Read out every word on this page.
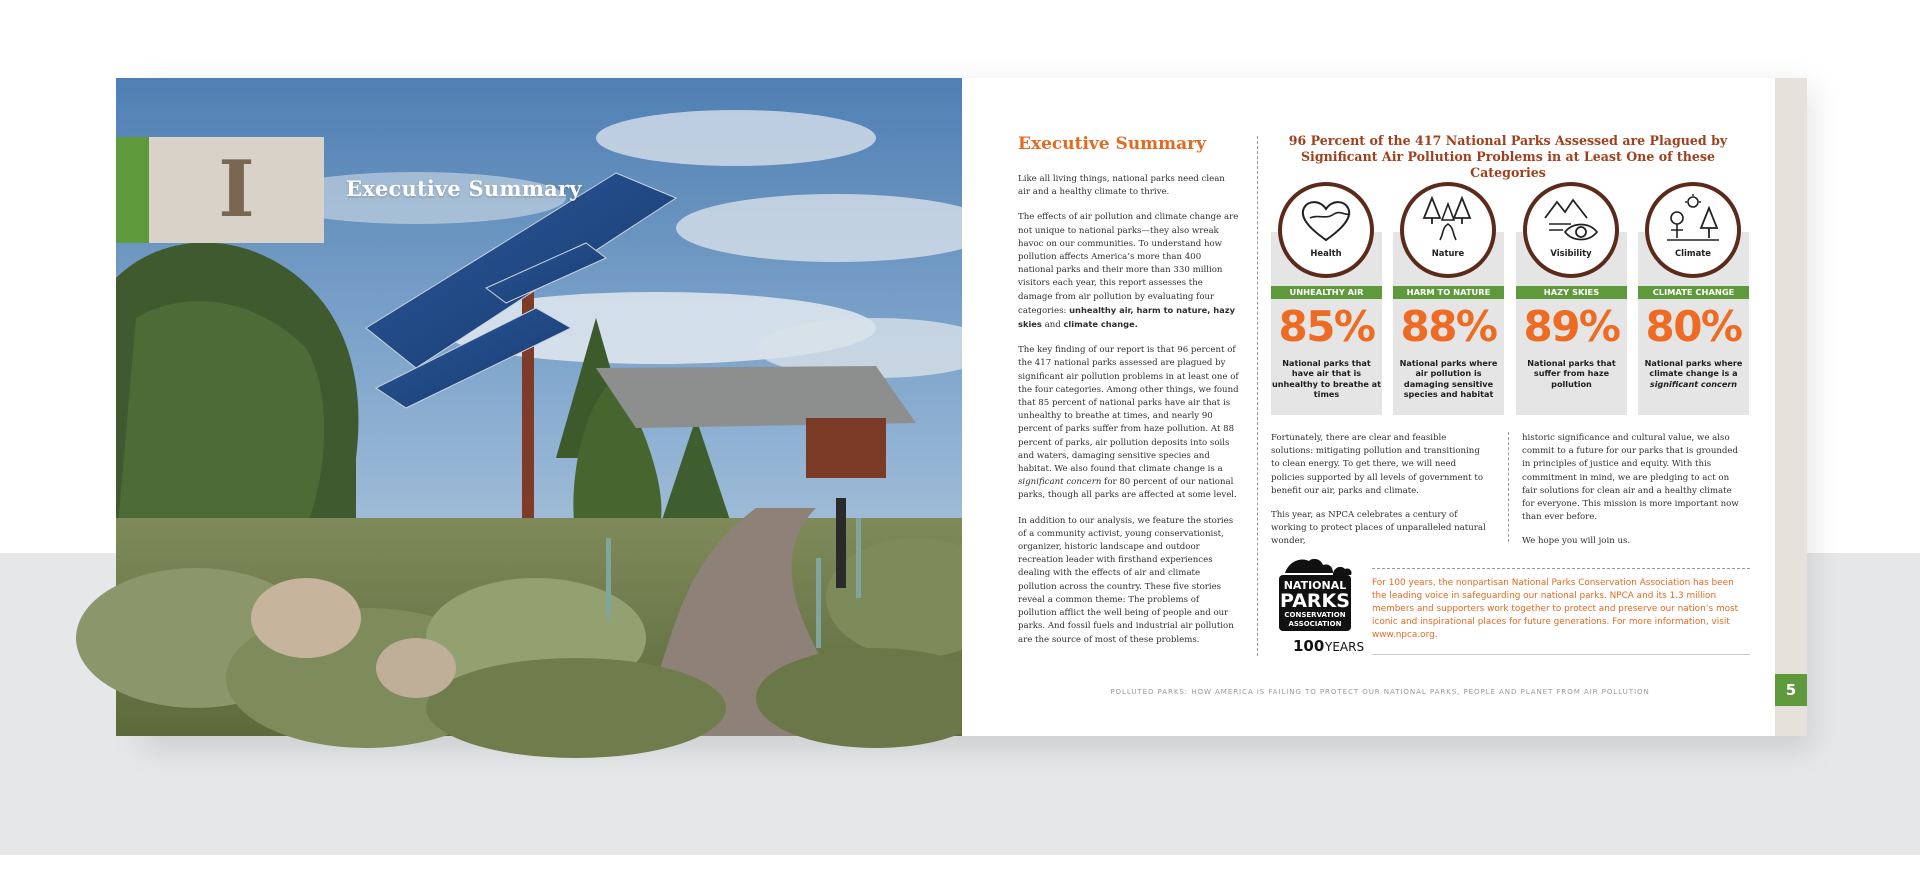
I	Executive Summary
Executive Summary

Like all living things, national parks need clean air and a healthy climate to thrive.

The effects of air pollution and climate change are not unique to national parks—they also wreak havoc on our communities. To understand how pollution affects America’s more than 400 national parks and their more than 330 million visitors each year, this report assesses the damage from air pollution by evaluating four categories: unhealthy air, harm to nature, hazy skies and climate change.

The key finding of our report is that 96 percent of the 417 national parks assessed are plagued by significant air pollution problems in at least one of the four categories. Among other things, we found that 85 percent of national parks have air that is unhealthy to breathe at times, and nearly 90 percent of parks suffer from haze pollution. At 88 percent of parks, air pollution deposits into soils and waters, damaging sensitive species and habitat. We also found that climate change is a significant concern for 80 percent of our national parks, though all parks are affected at some level.

In addition to our analysis, we feature the stories of a community activist, young conservationist, organizer, historic landscape and outdoor recreation leader with firsthand experiences dealing with the effects of air and climate pollution across the country. These five stories reveal a common theme: The problems of pollution afflict the well being of people and our parks. And fossil fuels and industrial air pollution are the source of most of these problems.

96 Percent of the 417 National Parks Assessed are Plagued by Significant Air Pollution Problems in at Least One of these Categories
Health
UNHEALTHY AIR
85%
National parks that have air that is unhealthy to breathe at times
Nature
HARM TO NATURE
88%
National parks where air pollution is damaging sensitive species and habitat
Visibility
HAZY SKIES
89%
National parks that suffer from haze pollution
Climate
CLIMATE CHANGE
80%
National parks where climate change is a
significant concern

Fortunately, there are clear and feasible solutions: mitigating pollution and transitioning to clean energy. To get there, we will need policies supported by all levels of government to benefit our air, parks and climate.

This year, as NPCA celebrates a century of working to protect places of unparalleled natural wonder,

historic significance and cultural value, we also commit to a future for our parks that is grounded in principles of justice and equity. With this commitment in mind, we are pledging to act on fair solutions for clean air and a healthy climate for everyone. This mission is more important now than ever before.

We hope you will join us.

NATIONAL
PARKS
CONSERVATION
ASSOCIATION
100 YEARS
For 100 years, the nonpartisan National Parks Conservation Association has been the leading voice in safeguarding our national parks. NPCA and its 1.3 million members and supporters work together to protect and preserve our nation’s most iconic and inspirational places for future generations. For more information, visit www.npca.org.
POLLUTED PARKS: HOW AMERICA IS FAILING TO PROTECT OUR NATIONAL PARKS, PEOPLE AND PLANET FROM AIR POLLUTION	5
